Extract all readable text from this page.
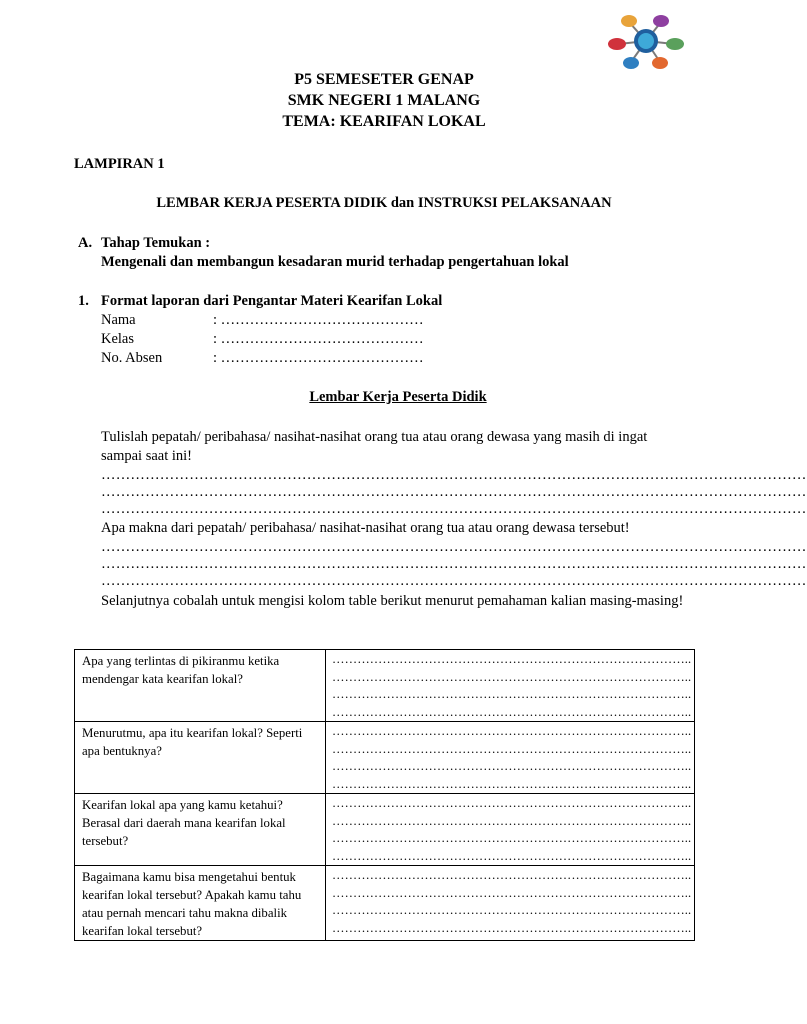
P5 SEMESETER GENAP
SMK NEGERI 1 MALANG
TEMA: KEARIFAN LOKAL
LAMPIRAN 1
LEMBAR KERJA PESERTA DIDIK dan INSTRUKSI PELAKSANAAN
A. Tahap Temukan :
Mengenali dan membangun kesadaran murid terhadap pengertahuan lokal
1. Format laporan dari Pengantar Materi Kearifan Lokal
Nama	: ……………………………………
Kelas	: ……………………………………
No. Absen	: ……………………………………
Lembar Kerja Peserta Didik
Tulislah pepatah/ peribahasa/ nasihat-nasihat orang tua atau orang dewasa yang masih di ingat sampai saat ini!
………………………………………………………………………………………………………………………………
………………………………………………………………………………………………………………………………
………………………………………………………………………………………………………………………………
Apa makna dari pepatah/ peribahasa/ nasihat-nasihat orang tua atau orang dewasa tersebut!
………………………………………………………………………………………………………………………………
………………………………………………………………………………………………………………………………
………………………………………………………………………………………………………………………………
Selanjutnya cobalah untuk mengisi kolom table berikut menurut pemahaman kalian masing-masing!
Apa yang terlintas di pikiranmu ketika mendengar kata kearifan lokal?	…………………………………………………………………………..
…………………………………………………………………………..
…………………………………………………………………………..
…………………………………………………………………………..

Menurutmu, apa itu kearifan lokal? Seperti apa bentuknya?	…………………………………………………………………………..
…………………………………………………………………………..
…………………………………………………………………………..
…………………………………………………………………………..

Kearifan lokal apa yang kamu ketahui? Berasal dari daerah mana kearifan lokal tersebut?	…………………………………………………………………………..
…………………………………………………………………………..
…………………………………………………………………………..
…………………………………………………………………………..

Bagaimana kamu bisa mengetahui bentuk kearifan lokal tersebut? Apakah kamu tahu atau pernah mencari tahu makna dibalik kearifan lokal tersebut?	…………………………………………………………………………..
…………………………………………………………………………..
…………………………………………………………………………..
…………………………………………………………………………..
